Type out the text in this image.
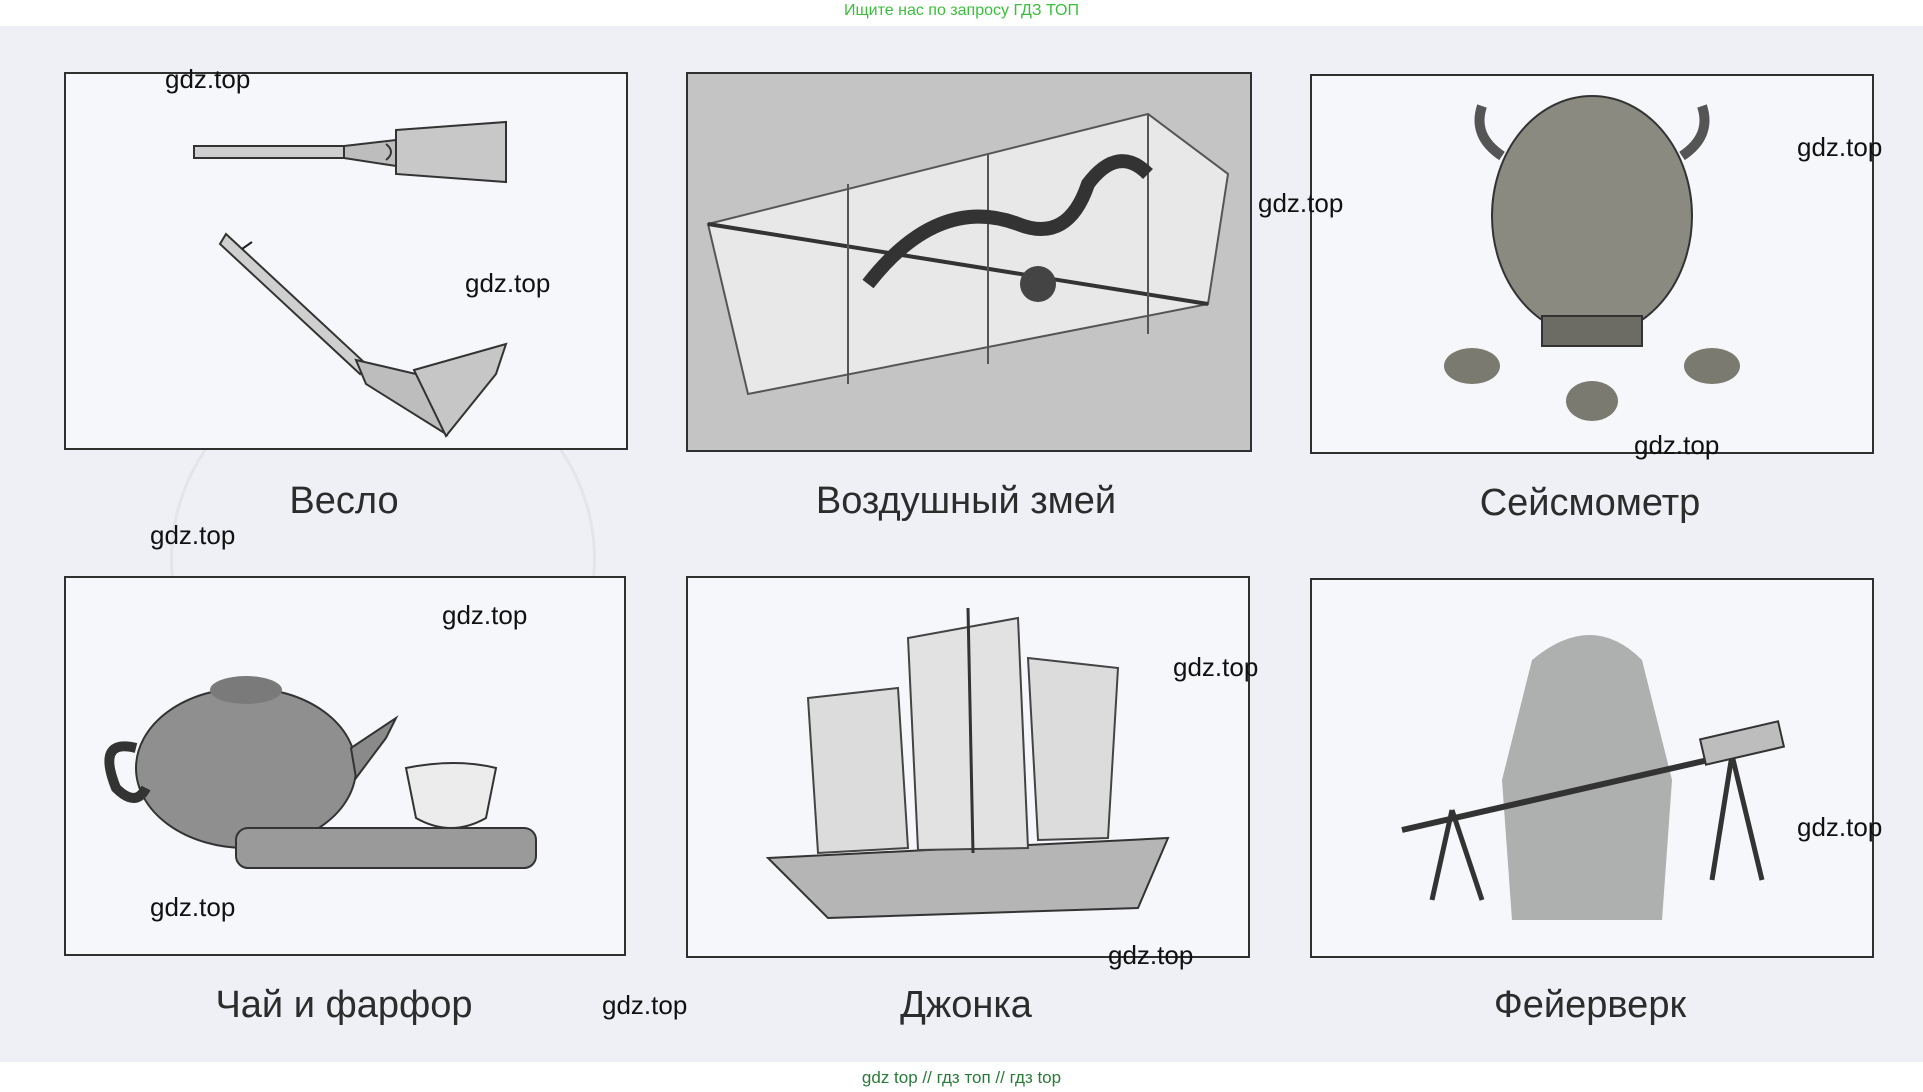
Ищите нас по запросу ГДЗ ТОП
Весло	Воздушный змей	Сейсмометр
Чай и фарфор	Джонка	Фейерверк
gdz.top
gdz.top
gdz.top
gdz.top
gdz.top
gdz.top
gdz.top
gdz.top
gdz.top
gdz.top
gdz.top
gdz.top
gdz top // гдз топ // гдз top
